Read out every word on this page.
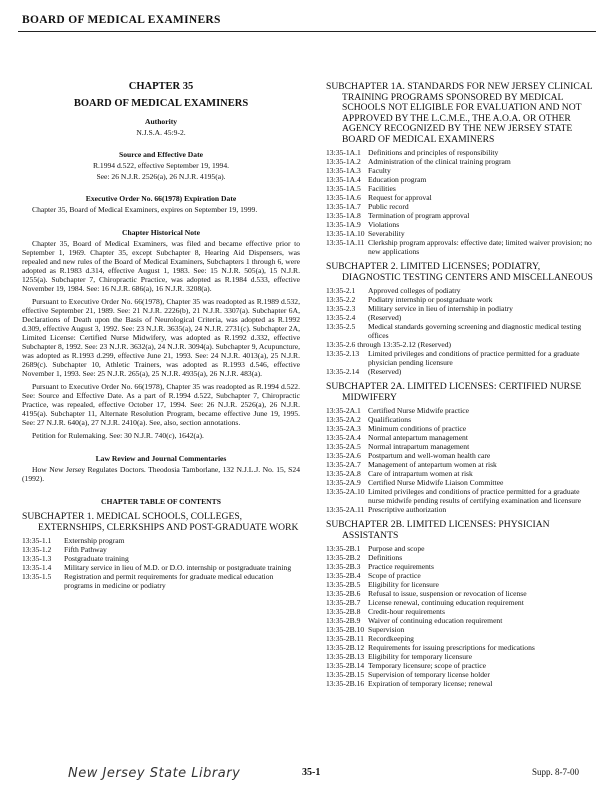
BOARD OF MEDICAL EXAMINERS
CHAPTER 35
BOARD OF MEDICAL EXAMINERS
Authority
N.J.S.A. 45:9-2.
Source and Effective Date
R.1994 d.522, effective September 19, 1994.
See: 26 N.J.R. 2526(a), 26 N.J.R. 4195(a).
Executive Order No. 66(1978) Expiration Date
Chapter 35, Board of Medical Examiners, expires on September 19, 1999.
Chapter Historical Note
Chapter 35, Board of Medical Examiners, was filed and became effective prior to September 1, 1969. Chapter 35, except Subchapter 8, Hearing Aid Dispensers, was repealed and new rules of the Board of Medical Examiners, Subchapters 1 through 6, were adopted as R.1983 d.314, effective August 1, 1983. See: 15 N.J.R. 505(a), 15 N.J.R. 1255(a). Subchapter 7, Chiropractic Practice, was adopted as R.1984 d.533, effective November 19, 1984. See: 16 N.J.R. 686(a), 16 N.J.R. 3208(a).
Pursuant to Executive Order No. 66(1978), Chapter 35 was readopted as R.1989 d.532, effective September 21, 1989. See: 21 N.J.R. 2226(b), 21 N.J.R. 3307(a). Subchapter 6A, Declarations of Death upon the Basis of Neurological Criteria, was adopted as R.1992 d.309, effective August 3, 1992. See: 23 N.J.R. 3635(a), 24 N.J.R. 2731(c). Subchapter 2A, Limited License: Certified Nurse Midwifery, was adopted as R.1992 d.332, effective Subchapter 8, 1992. See: 23 N.J.R. 3632(a), 24 N.J.R. 3094(a). Subchapter 9, Acupuncture, was adopted as R.1993 d.299, effective June 21, 1993. See: 24 N.J.R. 4013(a), 25 N.J.R. 2689(c). Subchapter 10, Athletic Trainers, was adopted as R.1993 d.546, effective November 1, 1993. See: 25 N.J.R. 265(a), 25 N.J.R. 4935(a), 26 N.J.R. 483(a).
Pursuant to Executive Order No. 66(1978), Chapter 35 was readopted as R.1994 d.522. See: Source and Effective Date. As a part of R.1994 d.522, Subchapter 7, Chiropractic Practice, was repealed, effective October 17, 1994. See: 26 N.J.R. 2526(a), 26 N.J.R. 4195(a). Subchapter 11, Alternate Resolution Program, became effective June 19, 1995. See: 27 N.J.R. 640(a), 27 N.J.R. 2410(a). See, also, section annotations.
Petition for Rulemaking. See: 30 N.J.R. 740(c), 1642(a).
Law Review and Journal Commentaries
How New Jersey Regulates Doctors. Theodosia Tamborlane, 132 N.J.L.J. No. 15, S24 (1992).
CHAPTER TABLE OF CONTENTS
SUBCHAPTER 1. MEDICAL SCHOOLS, COLLEGES, EXTERNSHIPS, CLERKSHIPS AND POST-GRADUATE WORK
13:35-1.1	Externship program
13:35-1.2	Fifth Pathway
13:35-1.3	Postgraduate training
13:35-1.4	Military service in lieu of M.D. or D.O. internship or postgraduate training
13:35-1.5	Registration and permit requirements for graduate medical education programs in medicine or podiatry
SUBCHAPTER 1A. STANDARDS FOR NEW JERSEY CLINICAL TRAINING PROGRAMS SPONSORED BY MEDICAL SCHOOLS NOT ELIGIBLE FOR EVALUATION AND NOT APPROVED BY THE L.C.M.E., THE A.O.A. OR OTHER AGENCY RECOGNIZED BY THE NEW JERSEY STATE BOARD OF MEDICAL EXAMINERS
13:35-1A.1 Definitions and principles of responsibility
13:35-1A.2 Administration of the clinical training program
13:35-1A.3 Faculty
13:35-1A.4 Education program
13:35-1A.5 Facilities
13:35-1A.6 Request for approval
13:35-1A.7 Public record
13:35-1A.8 Termination of program approval
13:35-1A.9 Violations
13:35-1A.10 Severability
13:35-1A.11 Clerkship program approvals: effective date; limited waiver provision; no new applications
SUBCHAPTER 2. LIMITED LICENSES; PODIATRY, DIAGNOSTIC TESTING CENTERS AND MISCELLANEOUS
13:35-2.1	Approved colleges of podiatry
13:35-2.2	Podiatry internship or postgraduate work
13:35-2.3	Military service in lieu of internship in podiatry
13:35-2.4	(Reserved)
13:35-2.5	Medical standards governing screening and diagnostic medical testing offices
13:35-2.6 through 13:35-2.12 (Reserved)
13:35-2.13	Limited privileges and conditions of practice permitted for a graduate physician pending licensure
13:35-2.14	(Reserved)
SUBCHAPTER 2A. LIMITED LICENSES: CERTIFIED NURSE MIDWIFERY
13:35-2A.1 Certified Nurse Midwife practice
13:35-2A.2 Qualifications
13:35-2A.3 Minimum conditions of practice
13:35-2A.4 Normal antepartum management
13:35-2A.5 Normal intrapartum management
13:35-2A.6 Postpartum and well-woman health care
13:35-2A.7 Management of antepartum women at risk
13:35-2A.8 Care of intrapartum women at risk
13:35-2A.9 Certified Nurse Midwife Liaison Committee
13:35-2A.10 Limited privileges and conditions of practice permitted for a graduate nurse midwife pending results of certifying examination and licensure
13:35-2A.11 Prescriptive authorization
SUBCHAPTER 2B. LIMITED LICENSES: PHYSICIAN ASSISTANTS
13:35-2B.1	Purpose and scope
13:35-2B.2	Definitions
13:35-2B.3	Practice requirements
13:35-2B.4	Scope of practice
13:35-2B.5	Eligibility for licensure
13:35-2B.6	Refusal to issue, suspension or revocation of license
13:35-2B.7	License renewal, continuing education requirement
13:35-2B.8	Credit-hour requirements
13:35-2B.9	Waiver of continuing education requirement
13:35-2B.10 Supervision
13:35-2B.11 Recordkeeping
13:35-2B.12 Requirements for issuing prescriptions for medications
13:35-2B.13 Eligibility for temporary licensure
13:35-2B.14 Temporary licensure; scope of practice
13:35-2B.15 Supervision of temporary license holder
13:35-2B.16 Expiration of temporary license; renewal
New Jersey State Library	35-1	Supp. 8-7-00
